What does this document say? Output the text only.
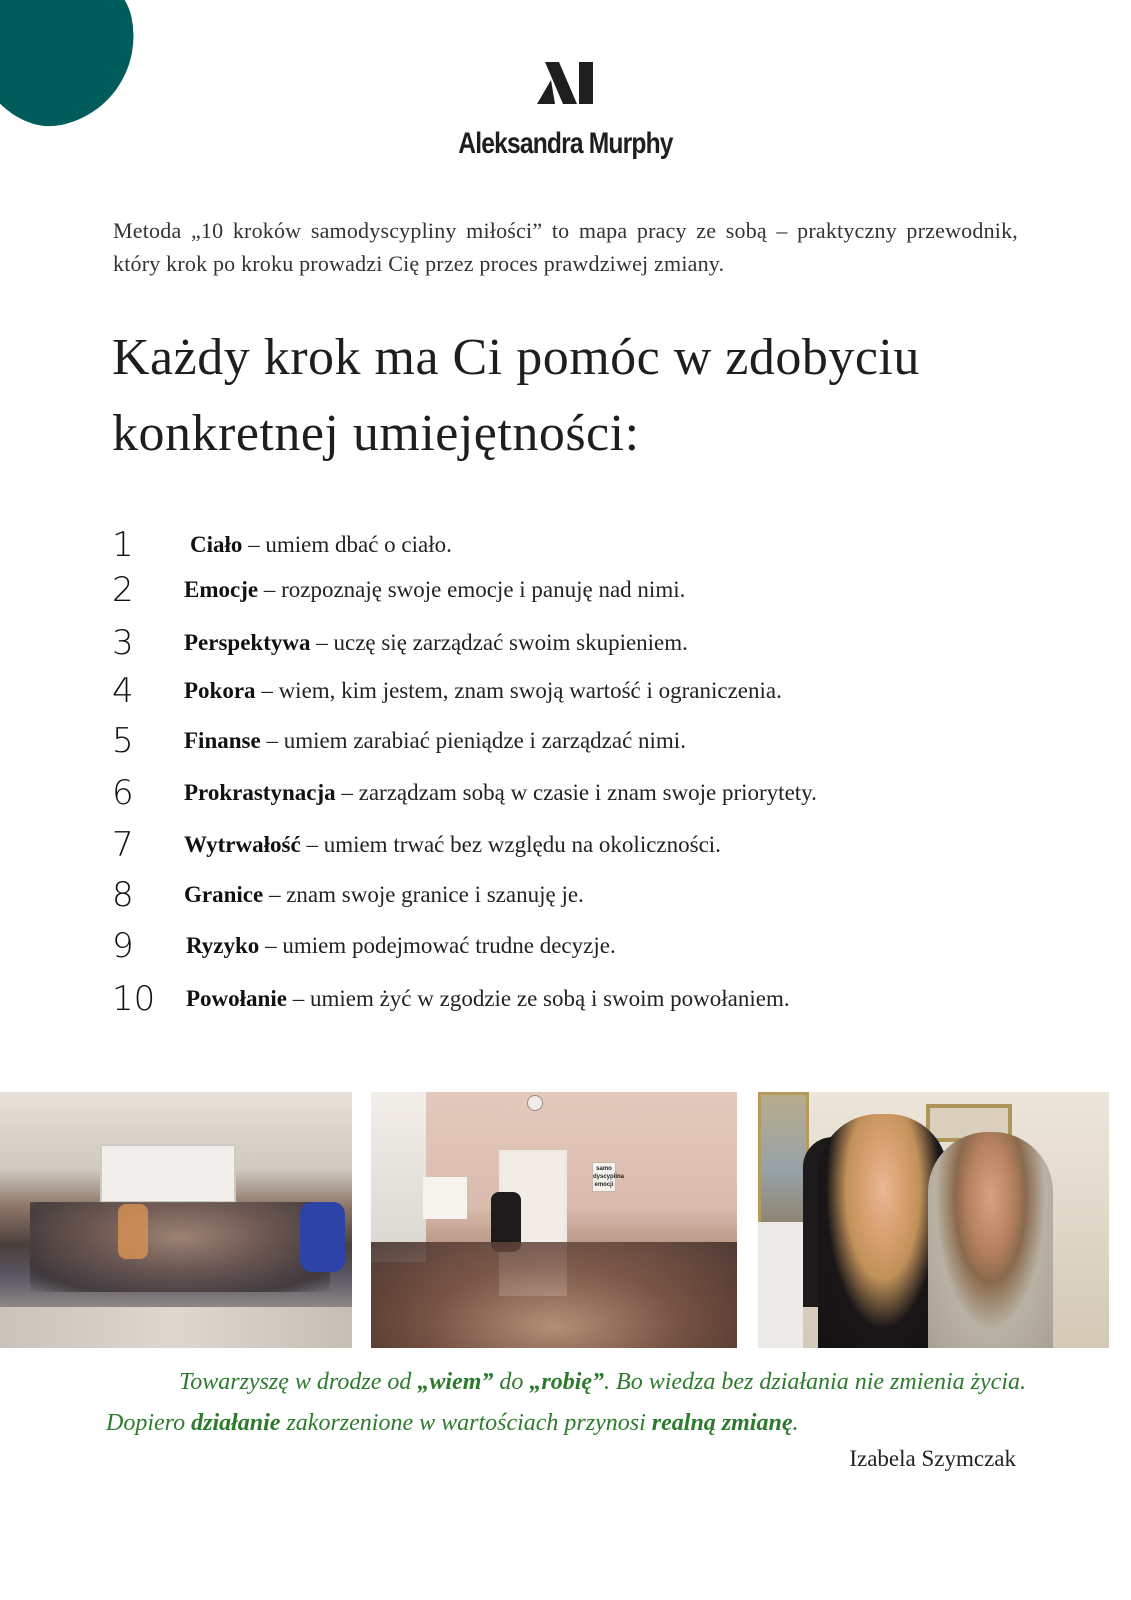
Aleksandra Murphy

Metoda „10 kroków samodyscypliny miłości” to mapa pracy ze sobą – praktyczny przewodnik, który krok po kroku prowadzi Cię przez proces prawdziwej zmiany.

Każdy krok ma Ci pomóc w zdobyciu
konkretnej umiejętności:
1	Ciało – umiem dbać o ciało.
2	Emocje – rozpoznaję swoje emocje i panuję nad nimi.
3	Perspektywa – uczę się zarządzać swoim skupieniem.
4	Pokora – wiem, kim jestem, znam swoją wartość i ograniczenia.
5	Finanse – umiem zarabiać pieniądze i zarządzać nimi.
6	Prokrastynacja – zarządzam sobą w czasie i znam swoje priorytety.
7	Wytrwałość – umiem trwać bez względu na okoliczności.
8	Granice – znam swoje granice i szanuję je.
9	Ryzyko – umiem podejmować trudne decyzje.
10	Powołanie – umiem żyć w zgodzie ze sobą i swoim powołaniem.
samo dyscyplina emocji
Towarzyszę w drodze od „wiem” do „robię”. Bo wiedza bez działania nie zmienia życia.
Dopiero działanie zakorzenione w wartościach przynosi realną zmianę.
Izabela Szymczak
